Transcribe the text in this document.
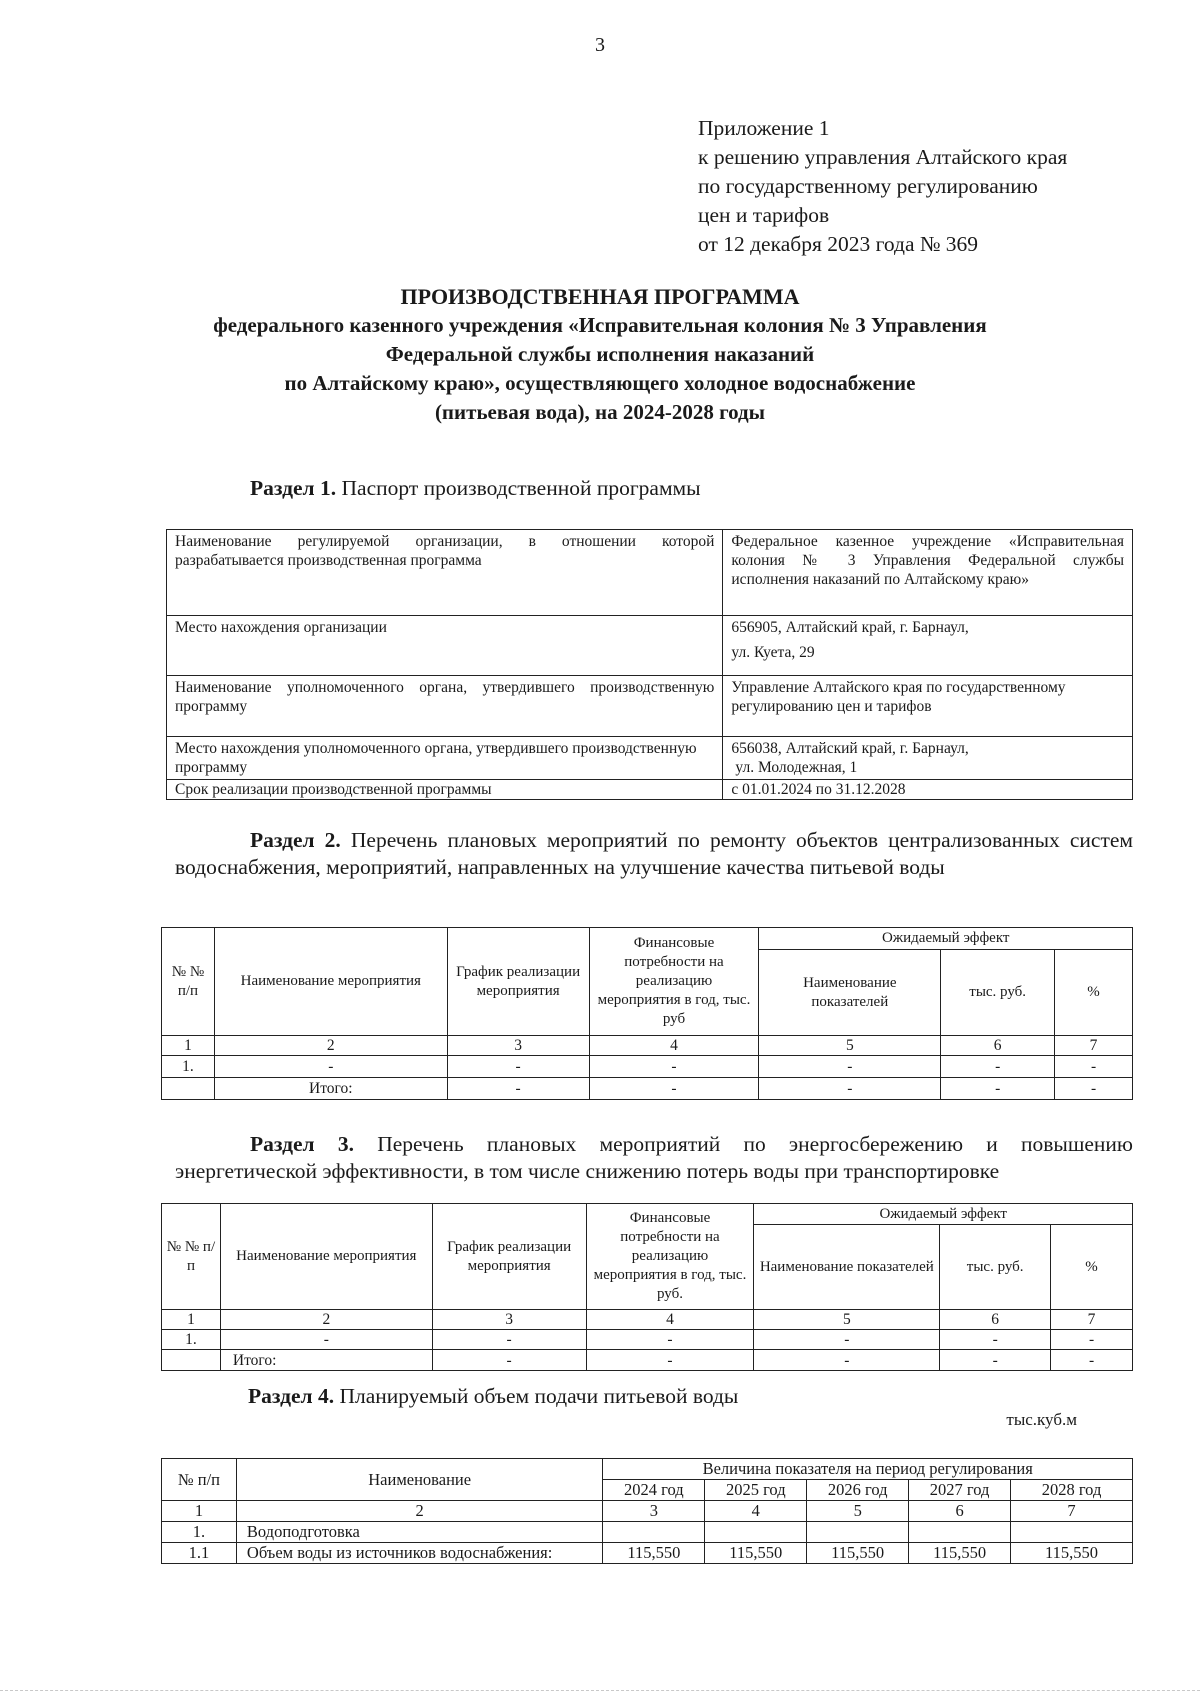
3
Приложение 1
к решению управления Алтайского края
по государственному регулированию
цен и тарифов
от 12 декабря 2023 года № 369
ПРОИЗВОДСТВЕННАЯ ПРОГРАММА
федерального казенного учреждения «Исправительная колония № 3 Управления
Федеральной службы исполнения наказаний
по Алтайскому краю», осуществляющего холодное водоснабжение
(питьевая вода), на 2024-2028 годы
Раздел 1. Паспорт производственной программы
Наименование регулируемой организации, в отношении которой разрабатывается производственная программа	Федеральное казенное учреждение «Исправительная колония № 3 Управления Федеральной службы исполнения наказаний по Алтайскому краю»
Место нахождения организации	656905, Алтайский край, г. Барнаул,
ул. Куета, 29

Наименование уполномоченного органа, утвердившего производственную программу	Управление Алтайского края по государственному регулированию цен и тарифов
Место нахождения уполномоченного органа, утвердившего производственную программу	656038, Алтайский край, г. Барнаул,
ул. Молодежная, 1

Срок реализации производственной программы	с 01.01.2024 по 31.12.2028
Раздел 2. Перечень плановых мероприятий по ремонту объектов централизованных систем водоснабжения, мероприятий, направленных на улучшение качества питьевой воды
№ № п/п	Наименование мероприятия	График реализации мероприятия	Финансовые потребности на реализацию мероприятия в год, тыс. руб	Ожидаемый эффект		
				Наименование показателей	тыс. руб.	%
1	2	3	4	5	6	7
1.	-	-	-	-	-	-
	Итого:	-	-	-	-	-
Раздел 3. Перечень плановых мероприятий по энергосбережению и повышению энергетической эффективности, в том числе снижению потерь воды при транспортировке
№ № п/п	Наименование мероприятия	График реализации мероприятия	Финансовые потребности на реализацию мероприятия в год, тыс. руб.	Ожидаемый эффект		
				Наименование показателей	тыс. руб.	%
1	2	3	4	5	6	7
1.	-	-	-	-	-	-
	Итого:	-	-	-	-	-
Раздел 4. Планируемый объем подачи питьевой воды
тыс.куб.м
№ п/п	Наименование	Величина показателя на период регулирования				
		2024 год	2025 год	2026 год	2027 год	2028 год
1	2	3	4	5	6	7
1.	Водоподготовка					
1.1	Объем воды из источников водоснабжения:	115,550	115,550	115,550	115,550	115,550
